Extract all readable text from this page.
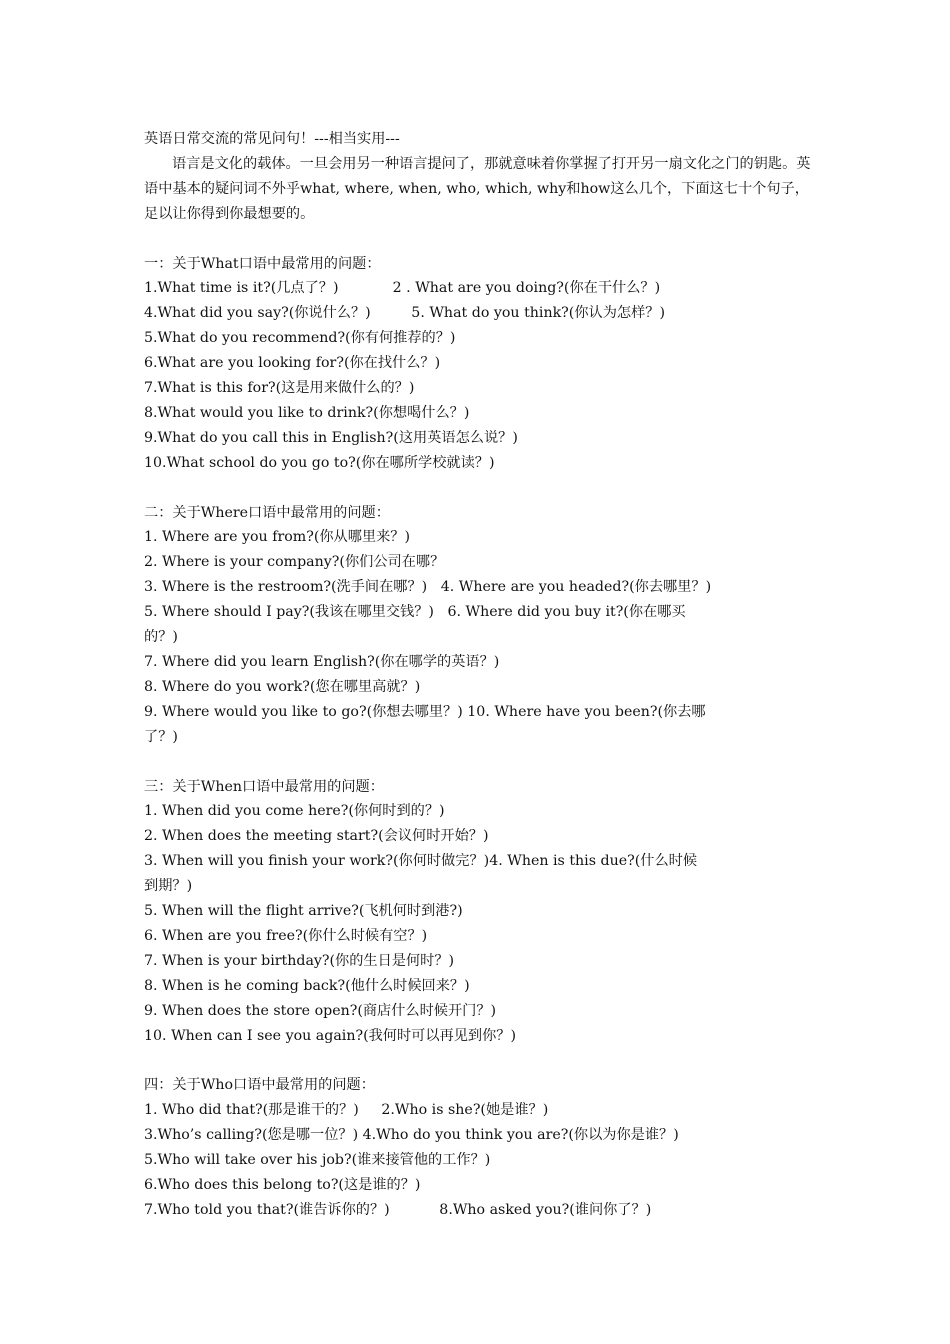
英语日常交流的常见问句！---相当实用---
语言是文化的载体。一旦会用另一种语言提问了，那就意味着你掌握了打开另一扇文化之门的钥匙。英语中基本的疑问词不外乎what, where, when, who, which, why和how这么几个，下面这七十个句子，足以让你得到你最想要的。
一：关于What口语中最常用的问题：
1.What time is it?(几点了？)            2 . What are you doing?(你在干什么？)
4.What did you say?(你说什么？)         5. What do you think?(你认为怎样？)
5.What do you recommend?(你有何推荐的？)
6.What are you looking for?(你在找什么？)
7.What is this for?(这是用来做什么的？)
8.What would you like to drink?(你想喝什么？)
9.What do you call this in English?(这用英语怎么说？)
10.What school do you go to?(你在哪所学校就读？)
二：关于Where口语中最常用的问题：
1. Where are you from?(你从哪里来？)
2. Where is your company?(你们公司在哪？
3. Where is the restroom?(洗手间在哪？)   4. Where are you headed?(你去哪里？)
5. Where should I pay?(我该在哪里交钱？)   6. Where did you buy it?(你在哪买
的？)
7. Where did you learn English?(你在哪学的英语？)
8. Where do you work?(您在哪里高就？)
9. Where would you like to go?(你想去哪里？) 10. Where have you been?(你去哪
了？)
三：关于When口语中最常用的问题：
1. When did you come here?(你何时到的？)
2. When does the meeting start?(会议何时开始？)
3. When will you finish your work?(你何时做完？)4. When is this due?(什么时候
到期？)
5. When will the flight arrive?(飞机何时到港?)
6. When are you free?(你什么时候有空？)
7. When is your birthday?(你的生日是何时？)
8. When is he coming back?(他什么时候回来？)
9. When does the store open?(商店什么时候开门？)
10. When can I see you again?(我何时可以再见到你？)
四：关于Who口语中最常用的问题：
1. Who did that?(那是谁干的？)     2.Who is she?(她是谁？)
3.Who’s calling?(您是哪一位？) 4.Who do you think you are?(你以为你是谁？)
5.Who will take over his job?(谁来接管他的工作？)
6.Who does this belong to?(这是谁的？)
7.Who told you that?(谁告诉你的？)           8.Who asked you?(谁问你了？)
